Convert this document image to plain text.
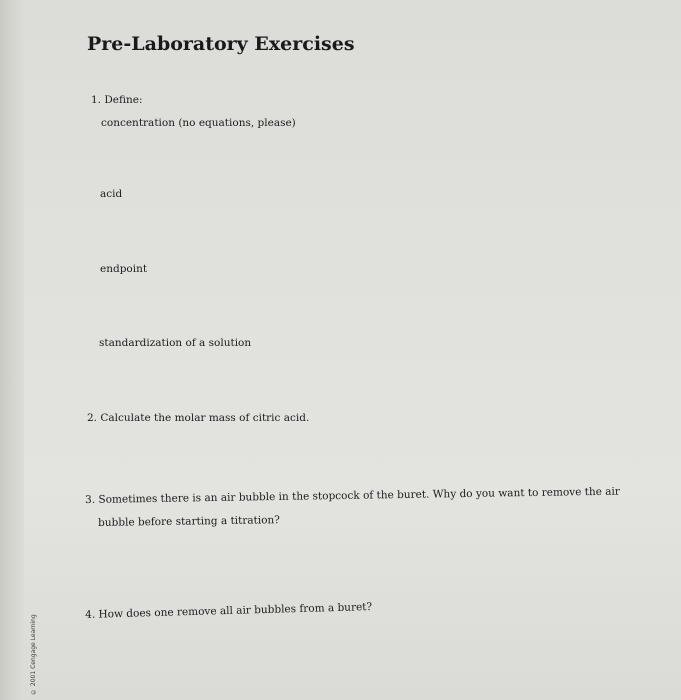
Pre-Laboratory Exercises

1. Define:

concentration (no equations, please)

acid

endpoint

standardization of a solution

2. Calculate the molar mass of citric acid.

3. Sometimes there is an air bubble in the stopcock of the buret. Why do you want to remove the air

bubble before starting a titration?

4. How does one remove all air bubbles from a buret?

© 2001 Cengage Learning
